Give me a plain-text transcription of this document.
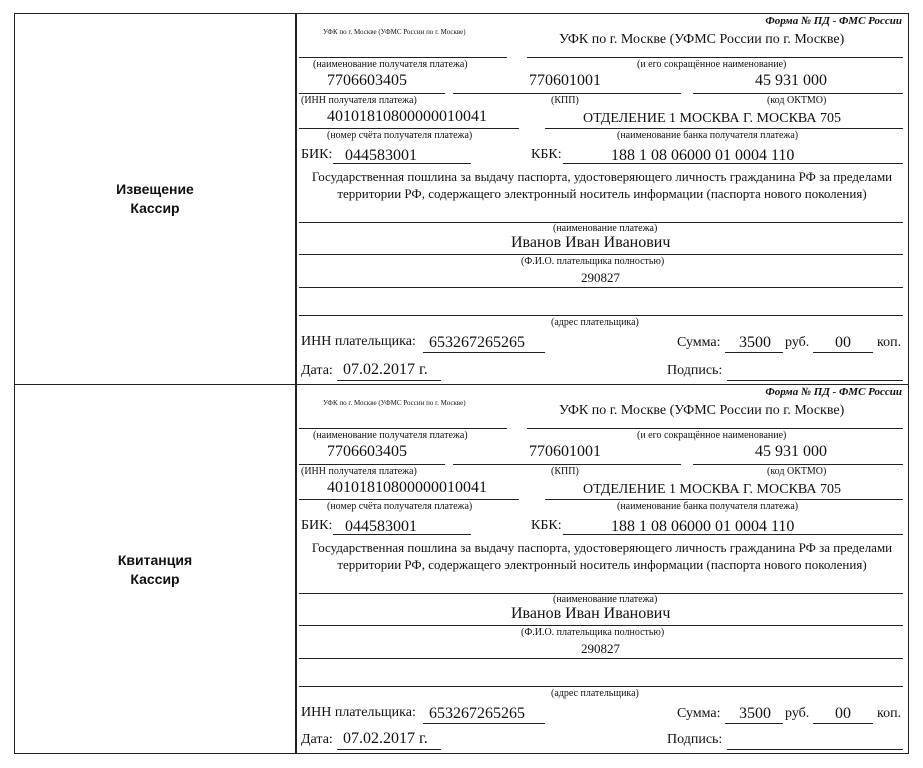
Извещение
Кассир
Форма № ПД - ФМС России
УФК по г. Москве (УФМС России по г. Москве)	УФК по г. Москве (УФМС России по г. Москве)
(наименование получателя платежа)	(и его сокращённое наименование)
7706603405	770601001	45 931 000
(ИНН получателя платежа)	(КПП)	(код ОКТМО)
40101810800000010041	ОТДЕЛЕНИЕ 1 МОСКВА Г. МОСКВА 705
(номер счёта получателя платежа)	(наименование банка получателя платежа)
БИК: 044583001	КБК:	188 1 08 06000 01 0004 110
Государственная пошлина за выдачу паспорта, удостоверяющего личность гражданина РФ за пределами территории РФ, содержащего электронный носитель информации (паспорта нового поколения)
(наименование платежа)
Иванов Иван Иванович
(Ф.И.О. плательщика полностью)
290827
(адрес плательщика)
ИНН плательщика: 653267265265	Сумма: 3500 руб. 00 коп.
Дата: 07.02.2017 г.	Подпись:
Квитанция
Кассир
Форма № ПД - ФМС России
УФК по г. Москве (УФМС России по г. Москве)	УФК по г. Москве (УФМС России по г. Москве)
(наименование получателя платежа)	(и его сокращённое наименование)
7706603405	770601001	45 931 000
(ИНН получателя платежа)	(КПП)	(код ОКТМО)
40101810800000010041	ОТДЕЛЕНИЕ 1 МОСКВА Г. МОСКВА 705
(номер счёта получателя платежа)	(наименование банка получателя платежа)
БИК: 044583001	КБК:	188 1 08 06000 01 0004 110
Государственная пошлина за выдачу паспорта, удостоверяющего личность гражданина РФ за пределами территории РФ, содержащего электронный носитель информации (паспорта нового поколения)
(наименование платежа)
Иванов Иван Иванович
(Ф.И.О. плательщика полностью)
290827
(адрес плательщика)
ИНН плательщика: 653267265265	Сумма: 3500 руб. 00 коп.
Дата: 07.02.2017 г.	Подпись:
